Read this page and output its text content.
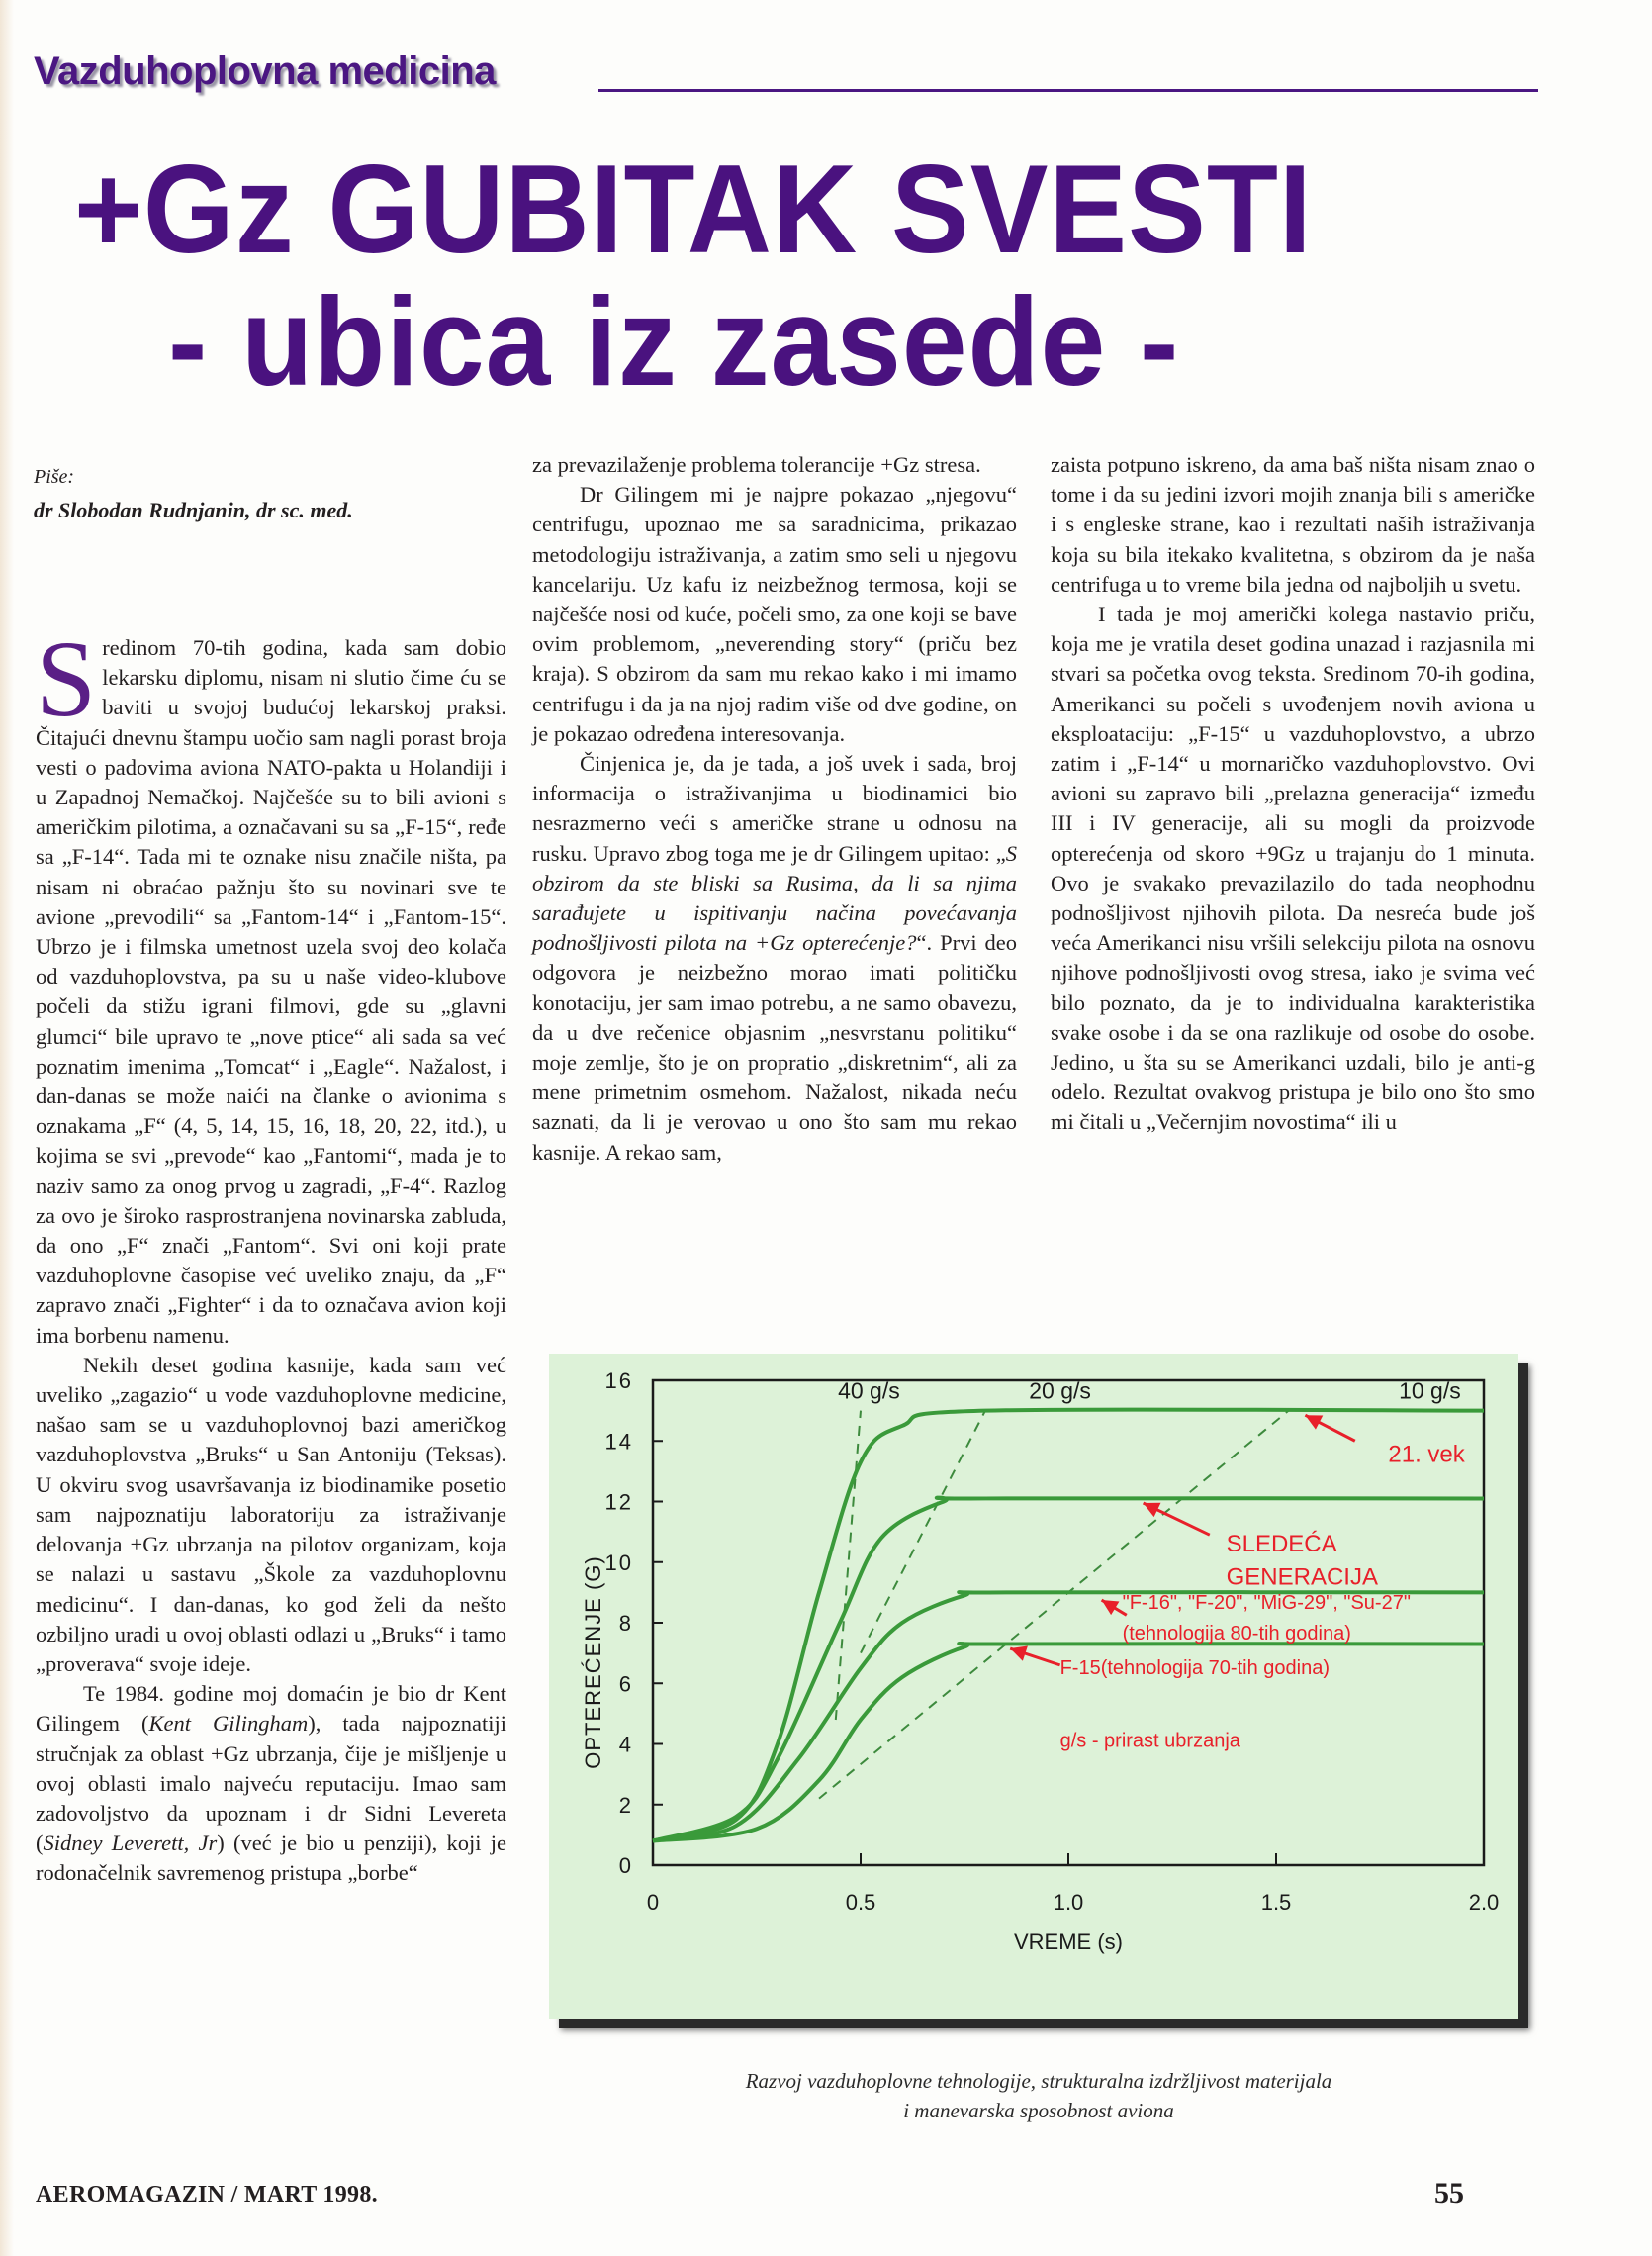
Vazduhoplovna medicina
+Gz GUBITAK SVESTI
- ubica iz zasede -
Piše:
dr Slobodan Rudnjanin, dr sc. med.

Sredinom 70-tih godina, kada sam dobio lekarsku diplomu, nisam ni slutio čime ću se baviti u svojoj budućoj lekarskoj praksi. Čitajući dnevnu štampu uočio sam nagli porast broja vesti o padovima aviona NATO-pakta u Holandiji i u Zapadnoj Nemačkoj. Najčešće su to bili avioni s američkim pilotima, a označavani su sa „F-15“, ređe sa „F-14“. Tada mi te oznake nisu značile ništa, pa nisam ni obraćao pažnju što su novinari sve te avione „prevodili“ sa „Fantom-14“ i „Fantom-15“. Ubrzo je i filmska umetnost uzela svoj deo kolača od vazduhoplovstva, pa su u naše video-klubove počeli da stižu igrani filmovi, gde su „glavni glumci“ bile upravo te „nove ptice“ ali sada sa već poznatim imenima „Tomcat“ i „Eagle“. Nažalost, i dan-danas se može naići na članke o avionima s oznakama „F“ (4, 5, 14, 15, 16, 18, 20, 22, itd.), u kojima se svi „prevode“ kao „Fantomi“, mada je to naziv samo za onog prvog u zagradi, „F-4“. Razlog za ovo je široko rasprostranjena novinarska zabluda, da ono „F“ znači „Fantom“. Svi oni koji prate vazduhoplovne časopise već uveliko znaju, da „F“ zapravo znači „Fighter“ i da to označava avion koji ima borbenu namenu.

Nekih deset godina kasnije, kada sam već uveliko „zagazio“ u vode vazduhoplovne medicine, našao sam se u vazduhoplovnoj bazi američkog vazduhoplovstva „Bruks“ u San Antoniju (Teksas). U okviru svog usavršavanja iz biodinamike posetio sam najpoznatiju laboratoriju za istraživanje delovanja +Gz ubrzanja na pilotov organizam, koja se nalazi u sastavu „Škole za vazduhoplovnu medicinu“. I dan-danas, ko god želi da nešto ozbiljno uradi u ovoj oblasti odlazi u „Bruks“ i tamo „proverava“ svoje ideje.

Te 1984. godine moj domaćin je bio dr Kent Gilingem (Kent Gilingham), tada najpoznatiji stručnjak za oblast +Gz ubrzanja, čije je mišljenje u ovoj oblasti imalo najveću reputaciju. Imao sam zadovoljstvo da upoznam i dr Sidni Levereta (Sidney Leverett, Jr) (već je bio u penziji), koji je rodonačelnik savremenog pristupa „borbe“

za prevazilaženje problema tolerancije +Gz stresa.

Dr Gilingem mi je najpre pokazao „njegovu“ centrifugu, upoznao me sa saradnicima, prikazao metodologiju istraživanja, a zatim smo seli u njegovu kancelariju. Uz kafu iz neizbežnog termosa, koji se najčešće nosi od kuće, počeli smo, za one koji se bave ovim problemom, „neverending story“ (priču bez kraja). S obzirom da sam mu rekao kako i mi imamo centrifugu i da ja na njoj radim više od dve godine, on je pokazao određena interesovanja.

Činjenica je, da je tada, a još uvek i sada, broj informacija o istraživanjima u biodinamici bio nesrazmerno veći s američke strane u odnosu na rusku. Upravo zbog toga me je dr Gilingem upitao: „S obzirom da ste bliski sa Rusima, da li sa njima sarađujete u ispitivanju načina povećavanja podnošljivosti pilota na +Gz opterećenje?“. Prvi deo odgovora je neizbežno morao imati političku konotaciju, jer sam imao potrebu, a ne samo obavezu, da u dve rečenice objasnim „nesvrstanu politiku“ moje zemlje, što je on propratio „diskretnim“, ali za mene primetnim osmehom. Nažalost, nikada neću saznati, da li je verovao u ono što sam mu rekao kasnije. A rekao sam,

zaista potpuno iskreno, da ama baš ništa nisam znao o tome i da su jedini izvori mojih znanja bili s američke i s engleske strane, kao i rezultati naših istraživanja koja su bila itekako kvalitetna, s obzirom da je naša centrifuga u to vreme bila jedna od najboljih u svetu.

I tada je moj američki kolega nastavio priču, koja me je vratila deset godina unazad i razjasnila mi stvari sa početka ovog teksta. Sredinom 70-ih godina, Amerikanci su počeli s uvođenjem novih aviona u eksploataciju: „F-15“ u vazduhoplovstvo, a ubrzo zatim i „F-14“ u mornaričko vazduhoplovstvo. Ovi avioni su zapravo bili „prelazna generacija“ između III i IV generacije, ali su mogli da proizvode opterećenja od skoro +9Gz u trajanju do 1 minuta. Ovo je svakako prevazilazilo do tada neophodnu podnošljivost njihovih pilota. Da nesreća bude još veća Amerikanci nisu vršili selekciju pilota na osnovu njihove podnošljivosti ovog stresa, iako je svima već bilo poznato, da je to individualna karakteristika svake osobe i da se ona razlikuje od osobe do osobe. Jedino, u šta su se Amerikanci uzdali, bilo je anti-g odelo. Rezultat ovakvog pristupa je bilo ono što smo mi čitali u „Večernjim novostima“ ili u

0
2
4
6
8
10
12
14
16
0	0.5	1.0	1.5	2.0
VREME (s)
OPTEREĆENJE (G)
40 g/s	20 g/s	10 g/s
21. vek
SLEDEĆA
GENERACIJA
"F-16", "F-20", "MiG-29", "Su-27"
(tehnologija 80-tih godina)
F-15(tehnologija 70-tih godina)
g/s - prirast ubrzanja
Razvoj vazduhoplovne tehnologije, strukturalna izdržljivost materijala
i manevarska sposobnost aviona
AEROMAGAZIN / MART 1998.	55
